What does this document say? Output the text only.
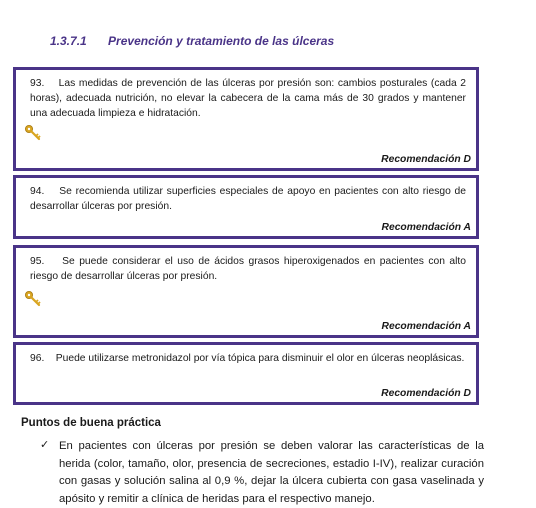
1.3.7.1 Prevención y tratamiento de las úlceras
93.    Las medidas de prevención de las úlceras por presión son: cambios posturales (cada 2 horas), adecuada nutrición, no elevar la cabecera de la cama más de 30 grados y mantener una adecuada limpieza e hidratación.
Recomendación D
94.    Se recomienda utilizar superficies especiales de apoyo en pacientes con alto riesgo de desarrollar úlceras por presión.
Recomendación A
95.    Se puede considerar el uso de ácidos grasos hiperoxigenados en pacientes con alto riesgo de desarrollar úlceras por presión.
Recomendación A
96.    Puede utilizarse metronidazol por vía tópica para disminuir el olor en úlceras neoplásicas.
Recomendación D
Puntos de buena práctica
✓ En pacientes con úlceras por presión se deben valorar las características de la herida (color, tamaño, olor, presencia de secreciones, estadio I-IV), realizar curación con gasas y solución salina al 0,9 %, dejar la úlcera cubierta con gasa vaselinada y apósito y remitir a clínica de heridas para el respectivo manejo.
